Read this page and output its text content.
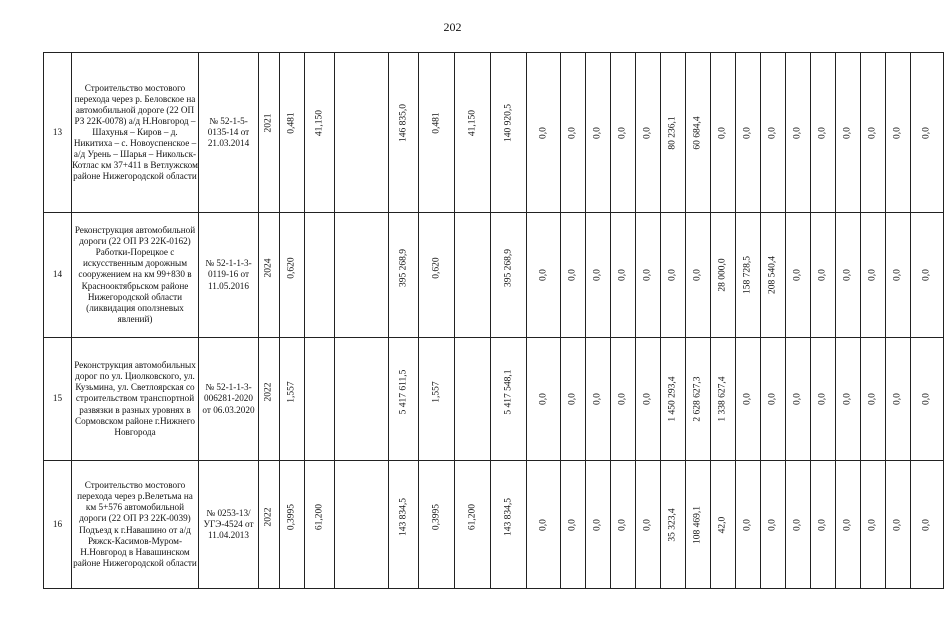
202
13	Строительство мостового перехода через р. Беловское на автомобильной дороге (22 ОП РЗ 22К-0078) а/д Н.Новгород – Шахунья – Киров – д. Никитиха – с. Новоуспенское –а/д Урень – Шарья – Никольск-Котлас км 37+411 в Ветлужском районе Нижегородской области	№ 52-1-5-0135-14 от 21.03.2014	2021	0,481	41,150		146 835,0	0,481	41,150	140 920,5	0,0	0,0	0,0	0,0	0,0	80 236,1	60 684,4	0,0	0,0	0,0	0,0	0,0	0,0	0,0	0,0	0,0

14	Реконструкция автомобильной дороги (22 ОП РЗ 22К-0162) Работки-Порецкое с искусственным дорожным сооружением на км 99+830 в Краснооктябрьском районе Нижегородской области (ликвидация оползневых явлений)	№ 52-1-1-3-0119-16 от 11.05.2016	2024	0,620			395 268,9	0,620		395 268,9	0,0	0,0	0,0	0,0	0,0	0,0	0,0	28 000,0	158 728,5	208 540,4	0,0	0,0	0,0	0,0	0,0	0,0

15	Реконструкция автомобильных дорог по ул. Циолковского, ул. Кузьмина, ул. Светлоярская со строительством транспортной развязки в разных уровнях в Сормовском районе г.Нижнего Новгорода	№ 52-1-1-3-006281-2020 от 06.03.2020	2022	1,557			5 417 611,5	1,557		5 417 548,1	0,0	0,0	0,0	0,0	0,0	1 450 293,4	2 628 627,3	1 338 627,4	0,0	0,0	0,0	0,0	0,0	0,0	0,0	0,0

16	Строительство мостового перехода через р.Велетьма на км 5+576 автомобильной дороги (22 ОП РЗ 22К-0039) Подъезд к г.Навашино от а/д Ряжск-Касимов-Муром-Н.Новгород в Навашинском районе Нижегородской области	№ 0253-13/УГЭ-4524 от 11.04.2013	2022	0,3995	61,200		143 834,5	0,3995	61,200	143 834,5	0,0	0,0	0,0	0,0	0,0	35 323,4	108 469,1	42,0	0,0	0,0	0,0	0,0	0,0	0,0	0,0	0,0
